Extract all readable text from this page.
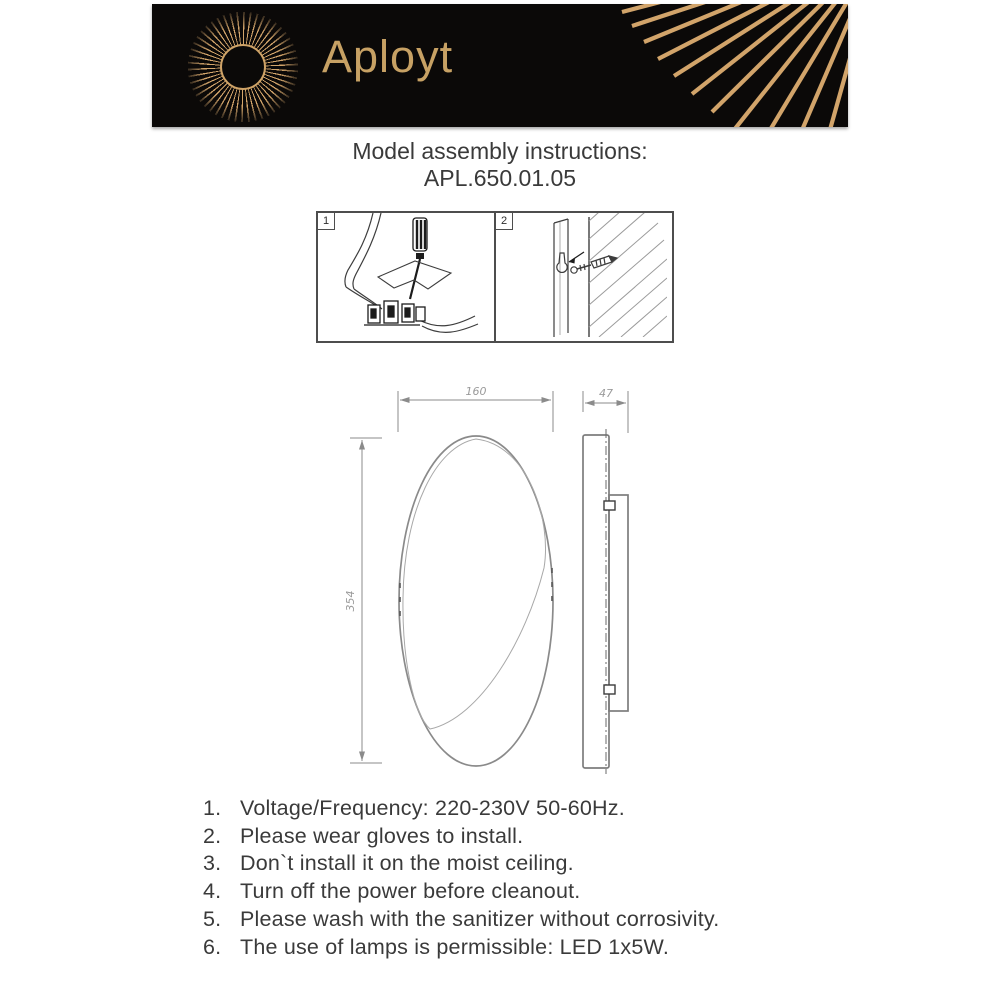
Aployt
Model assembly instructions:
APL.650.01.05
1	2
160	47
354
1. Voltage/Frequency: 220-230V 50-60Hz.
2. Please wear gloves to install.
3. Don`t install it on the moist ceiling.
4. Turn off the power before cleanout.
5. Please wash with the sanitizer without corrosivity.
6. The use of lamps is permissible: LED 1x5W.
